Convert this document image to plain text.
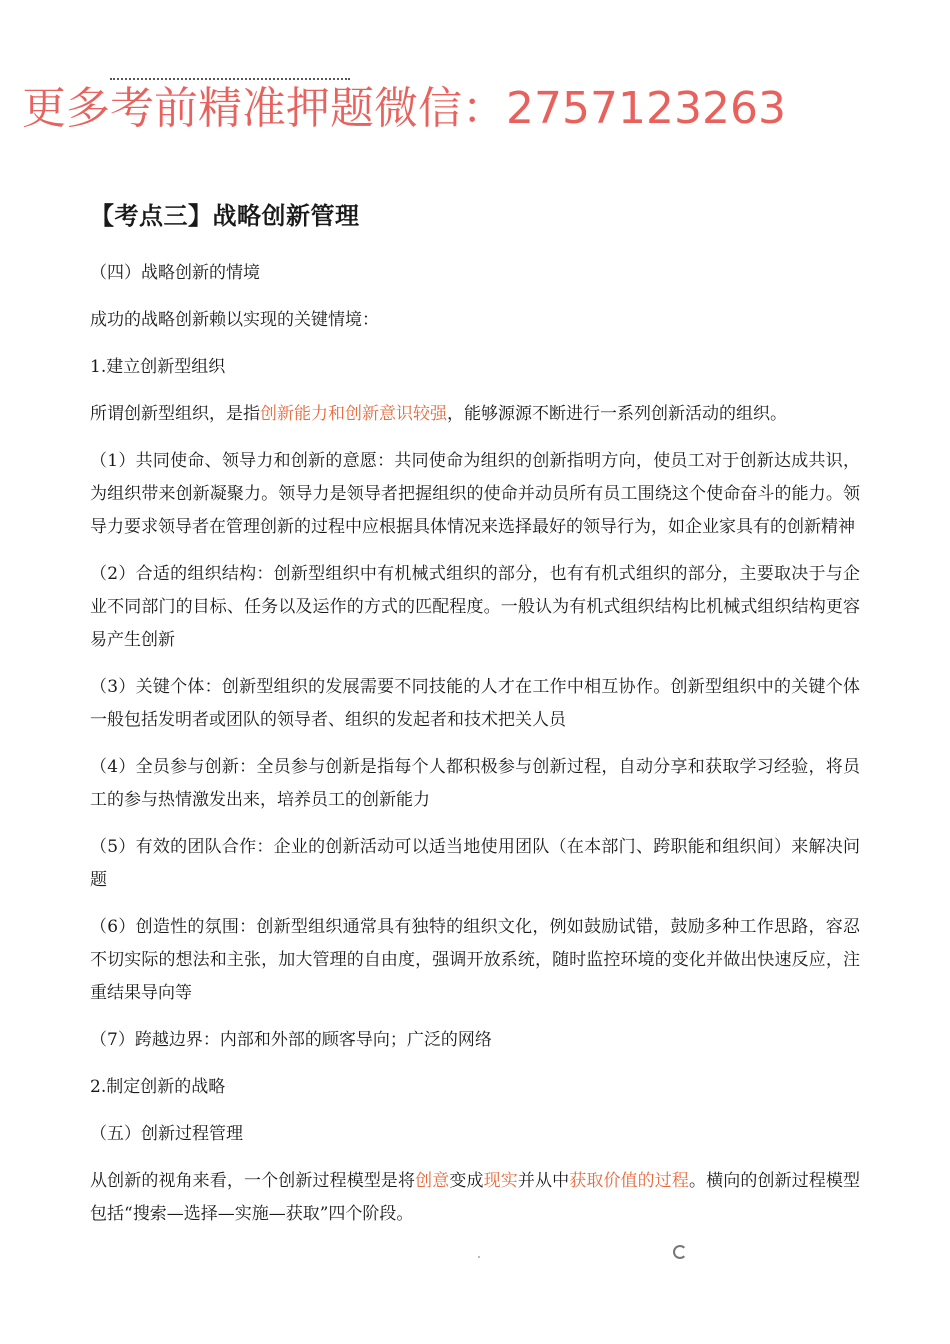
更多考前精准押题微信：2757123263
【考点三】战略创新管理

（四）战略创新的情境

成功的战略创新赖以实现的关键情境：

1.建立创新型组织

所谓创新型组织，是指创新能力和创新意识较强，能够源源不断进行一系列创新活动的组织。

（1）共同使命、领导力和创新的意愿：共同使命为组织的创新指明方向，使员工对于创新达成共识，为组织带来创新凝聚力。领导力是领导者把握组织的使命并动员所有员工围绕这个使命奋斗的能力。领导力要求领导者在管理创新的过程中应根据具体情况来选择最好的领导行为，如企业家具有的创新精神

（2）合适的组织结构：创新型组织中有机械式组织的部分，也有有机式组织的部分，主要取决于与企业不同部门的目标、任务以及运作的方式的匹配程度。一般认为有机式组织结构比机械式组织结构更容易产生创新

（3）关键个体：创新型组织的发展需要不同技能的人才在工作中相互协作。创新型组织中的关键个体一般包括发明者或团队的领导者、组织的发起者和技术把关人员

（4）全员参与创新：全员参与创新是指每个人都积极参与创新过程，自动分享和获取学习经验，将员工的参与热情激发出来，培养员工的创新能力

（5）有效的团队合作：企业的创新活动可以适当地使用团队（在本部门、跨职能和组织间）来解决问题

（6）创造性的氛围：创新型组织通常具有独特的组织文化，例如鼓励试错，鼓励多种工作思路，容忍不切实际的想法和主张，加大管理的自由度，强调开放系统，随时监控环境的变化并做出快速反应，注重结果导向等

（7）跨越边界：内部和外部的顾客导向；广泛的网络

2.制定创新的战略

（五）创新过程管理

从创新的视角来看，一个创新过程模型是将创意变成现实并从中获取价值的过程。横向的创新过程模型包括“搜索—选择—实施—获取”四个阶段。
